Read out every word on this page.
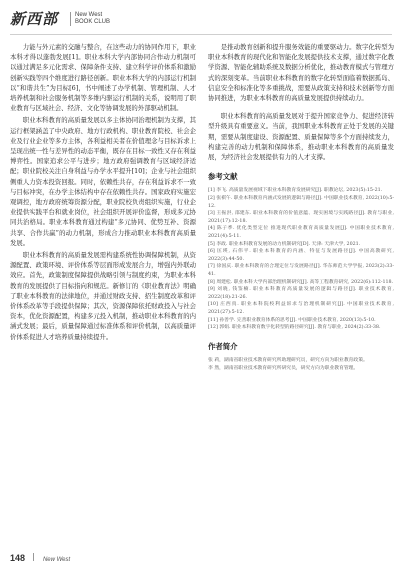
新西部	New West
BOOK CLUB

力能与外元素的交融与整合，在这些动力的协同作用下，职业本科才得以蓬勃发展[1]。职业本科大学内部协同合作动力机制可以通过满足多元化需求、保障条件支持、建立科学评价体系和激励创新实践等四个维度进行路径创新。职业本科大学的内部运行机制以“和谐共生”为目标[6]，书中阐述了办学机制、管理机制、人才培养机制和社会服务机制等多维内驱运行机制的关系，说明用了职业教育与区域社会、经济、文化等协调发展的外部驱动机制。

职业本科教育的高质量发展以多主体协同治理机制为支撑，其运行框架涵盖了中央政府、地方行政机构、职业教育院校、社会企业及行业企业等多方主体，各利益相关者在价值理念与目标诉求上呈现出统一性与差异性的动态平衡，既存在目标一致性又存在利益博弈性。国家追求公平与进步；地方政府强调教育与区域经济适配；职业院校关注自身利益与办学水平提升[10]；企业与社会组织侧重人力资本投资回报。同时，依赖性共存，存在利益诉求不一致与目标冲突，在办学主体结构中存在依赖性共存。国家政府实施宏观调控，地方政府统筹资源分配，职业院校负责组织实施，行业企业提供实践平台和就业岗位，社会组织开展评价监督，形成多元协同共治格局。职业本科教育通过构建“多元协同、优势互补、资源共享、合作共赢”的动力机制，形成合力推动职业本科教育高质量发展。

职业本科教育的高质量发展需构建系统性协调保障机制，从资源配置、政策环境、评价体系等层面形成发展合力，增强内外联动效应。首先，政策制度保障提供战略引领与制度约束，为职业本科教育的发展提供了目标指向和规范。新修订的《职业教育法》明确了职业本科教育的法律地位，并通过财政支持、招生制度改革和评价体系改革等手段提供保障；其次，资源保障依托财政投入与社会资本，优化资源配置，构建多元投入机制，推动职业本科教育的内涵式发展；最后，质量保障通过标准体系和评价机制，以高质量评价体系促进人才培养质量持续提升。

是推动教育创新和提升服务效能的重要驱动力。数字化转型为职业本科教育的现代化和智能化发展提供技术支撑，通过数字化教学资源、智能化辅助系统及数据分析优化，推动教育模式与管理方式的深刻变革。当前职业本科教育的数字化转型面临着数据孤岛、信息安全和标准化等多重挑战，需要从政策支持和技术创新等方面协同推进，为职业本科教育的高质量发展提供持续动力。

职业本科教育的高质量发展对于提升国家竞争力、促进经济转型升级具有重要意义。当前，我国职业本科教育正处于发展的关键期，需要从制度建设、资源配置、质量保障等多个方面持续发力，构建完善的动力机制和保障体系，推动职业本科教育的高质量发展，为经济社会发展提供有力的人才支撑。

参考文献
[1] 李飞. 高质量发展视域下职业本科教育发展研究[J]. 职教论坛, 2023(5):15-21.
[2] 张祺午. 职业本科教育内涵式发展的逻辑与路径[J]. 中国职业技术教育, 2022(10):5-12.
[3] 王振洪, 邵建东. 职业本科教育的价值意蕴、现实困境与实践路径[J]. 教育与职业, 2021(17):12-18.
[4] 陈子季. 优化类型定位 推进现代职业教育高质量发展[J]. 中国职业技术教育, 2021(4):5-11.
[5] 李政. 职业本科教育发展的动力机制研究[D]. 天津: 天津大学, 2021.
[6] 匡瑛, 石伟平. 职业本科教育的内涵、特征与发展路径[J]. 中国高教研究, 2022(3):44-50.
[7] 徐国庆. 职业本科教育的合理定位与发展路径[J]. 华东师范大学学报, 2023(2):33-41.
[8] 周建松. 职业本科大学内部治理机制研究[J]. 高等工程教育研究, 2022(6):112-118.
[9] 刘晓, 钱鉴楠. 职业本科教育高质量发展的逻辑与路径[J]. 职业技术教育, 2022(18):21-26.
[10] 庄西真. 职业本科院校利益诉求与治理机制研究[J]. 中国职业技术教育, 2021(27):5-12.
[11] 孙善学. 完善职业教育体系的思考[J]. 中国职业技术教育, 2020(13):5-10.
[12] 郭娟. 职业本科教育数字化转型的路径研究[J]. 教育与职业, 2024(2):33-38.
作者简介
张 莉，湖南省职业技术教育研究所助理研究员，研究方向为职业教育政策。
李 然，湖南省职业技术教育研究所研究员，研究方向为职业教育管理。
148	New West
